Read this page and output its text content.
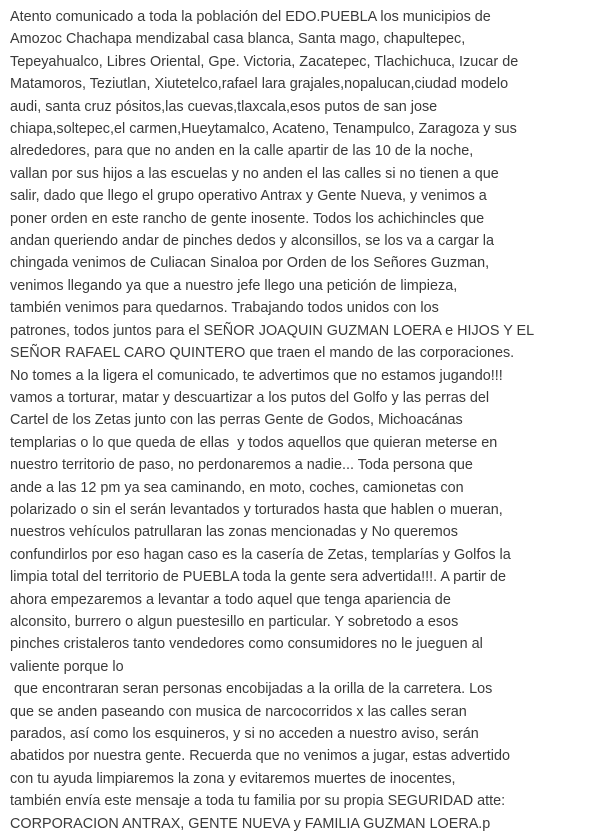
Atento comunicado a toda la población del EDO.PUEBLA los municipios de
Amozoc Chachapa mendizabal casa blanca, Santa mago, chapultepec,
Tepeyahualco, Libres Oriental, Gpe. Victoria, Zacatepec, Tlachichuca, Izucar de
Matamoros, Teziutlan, Xiutetelco,rafael lara grajales,nopalucan,ciudad modelo
audi, santa cruz pósitos,las cuevas,tlaxcala,esos putos de san jose
chiapa,soltepec,el carmen,Hueytamalco, Acateno, Tenampulco, Zaragoza y sus
alrededores, para que no anden en la calle apartir de las 10 de la noche,
vallan por sus hijos a las escuelas y no anden el las calles si no tienen a que
salir, dado que llego el grupo operativo Antrax y Gente Nueva, y venimos a
poner orden en este rancho de gente inosente. Todos los achichincles que
andan queriendo andar de pinches dedos y alconsillos, se los va a cargar la
chingada venimos de Culiacan Sinaloa por Orden de los Señores Guzman,
venimos llegando ya que a nuestro jefe llego una petición de limpieza,
también venimos para quedarnos. Trabajando todos unidos con los
patrones, todos juntos para el SEÑOR JOAQUIN GUZMAN LOERA e HIJOS Y EL
SEÑOR RAFAEL CARO QUINTERO que traen el mando de las corporaciones.
No tomes a la ligera el comunicado, te advertimos que no estamos jugando!!!
vamos a torturar, matar y descuartizar a los putos del Golfo y las perras del
Cartel de los Zetas junto con las perras Gente de Godos, Michoacánas
templarias o lo que queda de ellas  y todos aquellos que quieran meterse en
nuestro territorio de paso, no perdonaremos a nadie... Toda persona que
ande a las 12 pm ya sea caminando, en moto, coches, camionetas con
polarizado o sin el serán levantados y torturados hasta que hablen o mueran,
nuestros vehículos patrullaran las zonas mencionadas y No queremos
confundirlos por eso hagan caso es la casería de Zetas, templarías y Golfos la
limpia total del territorio de PUEBLA toda la gente sera advertida!!!. A partir de
ahora empezaremos a levantar a todo aquel que tenga apariencia de
alconsito, burrero o algun puestesillo en particular. Y sobretodo a esos
pinches cristaleros tanto vendedores como consumidores no le jueguen al
valiente porque lo
que encontraran seran personas encobijadas a la orilla de la carretera. Los
que se anden paseando con musica de narcocorridos x las calles seran
parados, así como los esquineros, y si no acceden a nuestro aviso, serán
abatidos por nuestra gente. Recuerda que no venimos a jugar, estas advertido
con tu ayuda limpiaremos la zona y evitaremos muertes de inocentes,
también envía este mensaje a toda tu familia por su propia SEGURIDAD atte:
CORPORACION ANTRAX, GENTE NUEVA y FAMILIA GUZMAN LOERA.p
